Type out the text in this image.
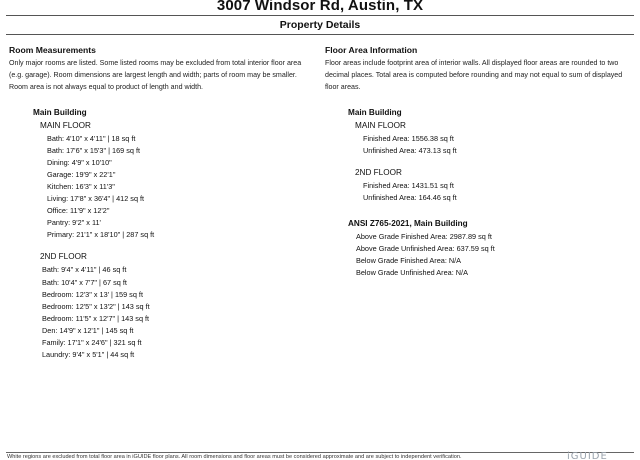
3007 Windsor Rd, Austin, TX
Property Details
Room Measurements
Only major rooms are listed. Some listed rooms may be excluded from total interior floor area
(e.g. garage). Room dimensions are largest length and width; parts of room may be smaller.
Room area is not always equal to product of length and width.
Main Building
MAIN FLOOR
Bath: 4'10" x 4'11" | 18 sq ft
Bath: 17'6" x 15'3" | 169 sq ft
Dining: 4'9" x 10'10"
Garage: 19'9" x 22'1"
Kitchen: 16'3" x 11'3"
Living: 17'8" x 36'4" | 412 sq ft
Office: 11'9" x 12'2"
Pantry: 9'2" x 11'
Primary: 21'1" x 18'10" | 287 sq ft
2ND FLOOR
Bath: 9'4" x 4'11" | 46 sq ft
Bath: 10'4" x 7'7" | 67 sq ft
Bedroom: 12'3" x 13' | 159 sq ft
Bedroom: 12'5" x 13'2" | 143 sq ft
Bedroom: 11'5" x 12'7" | 143 sq ft
Den: 14'9" x 12'1" | 145 sq ft
Family: 17'1" x 24'6" | 321 sq ft
Laundry: 9'4" x 5'1" | 44 sq ft
Floor Area Information
Floor areas include footprint area of interior walls. All displayed floor areas are rounded to two
decimal places. Total area is computed before rounding and may not equal to sum of displayed
floor areas.
Main Building
MAIN FLOOR
Finished Area: 1556.38 sq ft
Unfinished Area: 473.13 sq ft
2ND FLOOR
Finished Area: 1431.51 sq ft
Unfinished Area: 164.46 sq ft
ANSI Z765-2021, Main Building
Above Grade Finished Area: 2987.89 sq ft
Above Grade Unfinished Area: 637.59 sq ft
Below Grade Finished Area: N/A
Below Grade Unfinished Area: N/A
White regions are excluded from total floor area in iGUIDE floor plans. All room dimensions and floor areas must be considered approximate and are subject to independent verification.	iGUIDE
